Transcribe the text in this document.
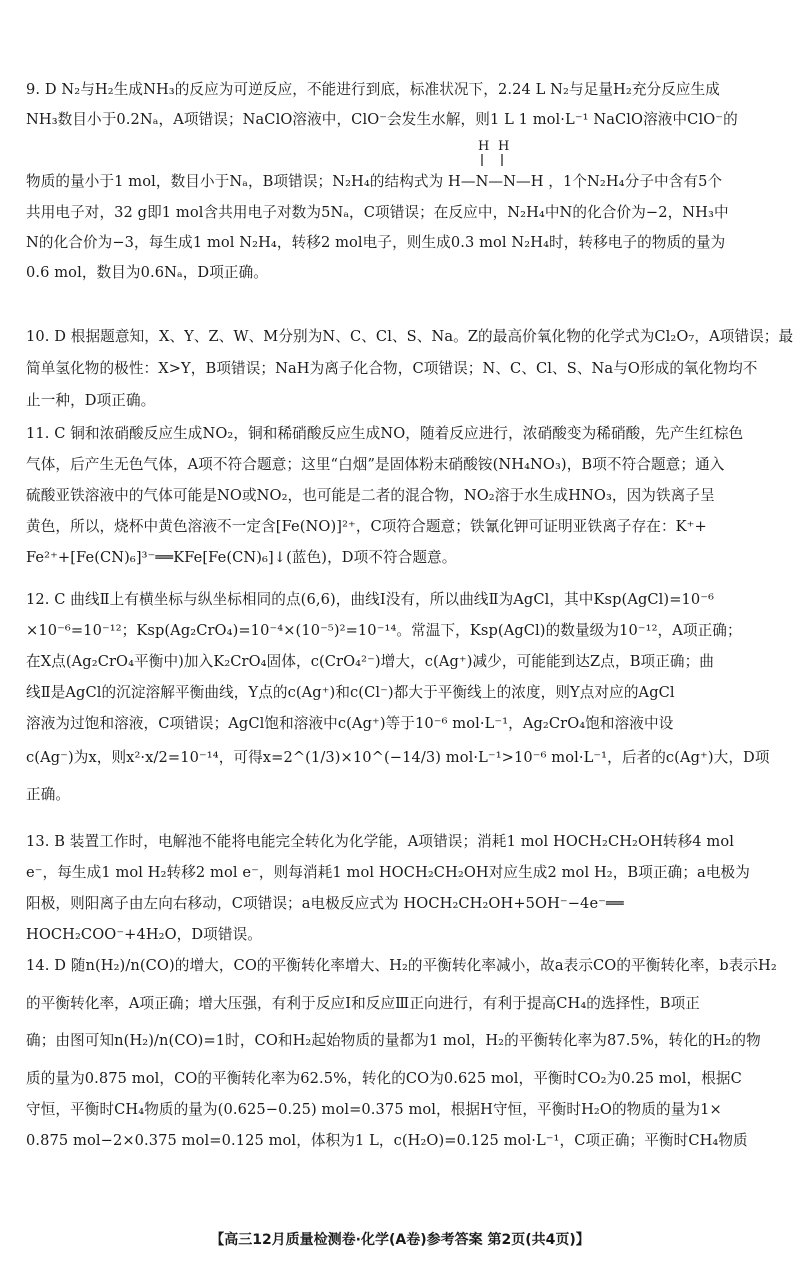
9. D N₂与H₂生成NH₃的反应为可逆反应，不能进行到底，标准状况下，2.24 L N₂与足量H₂充分反应生成
NH₃数目小于0.2Nₐ，A项错误；NaClO溶液中，ClO⁻会发生水解，则1 L 1 mol·L⁻¹ NaClO溶液中ClO⁻的
物质的量小于1 mol，数目小于Nₐ，B项错误；N₂H₄的结构式为 H—N—N—H ，1个N₂H₄分子中含有5个
共用电子对，32 g即1 mol含共用电子对数为5Nₐ，C项错误；在反应中，N₂H₄中N的化合价为−2，NH₃中
N的化合价为−3，每生成1 mol N₂H₄，转移2 mol电子，则生成0.3 mol N₂H₄时，转移电子的物质的量为
0.6 mol，数目为0.6Nₐ，D项正确。
H H
10. D 根据题意知，X、Y、Z、W、M分别为N、C、Cl、S、Na。Z的最高价氧化物的化学式为Cl₂O₇，A项错误；最
简单氢化物的极性：X>Y，B项错误；NaH为离子化合物，C项错误；N、C、Cl、S、Na与O形成的氧化物均不
止一种，D项正确。
11. C 铜和浓硝酸反应生成NO₂，铜和稀硝酸反应生成NO，随着反应进行，浓硝酸变为稀硝酸，先产生红棕色
气体，后产生无色气体，A项不符合题意；这里“白烟”是固体粉末硝酸铵(NH₄NO₃)，B项不符合题意；通入
硫酸亚铁溶液中的气体可能是NO或NO₂，也可能是二者的混合物，NO₂溶于水生成HNO₃，因为铁离子呈
黄色，所以，烧杯中黄色溶液不一定含[Fe(NO)]²⁺，C项符合题意；铁氰化钾可证明亚铁离子存在：K⁺+
Fe²⁺+[Fe(CN)₆]³⁻══KFe[Fe(CN)₆]↓(蓝色)，D项不符合题意。
12. C 曲线Ⅱ上有横坐标与纵坐标相同的点(6,6)，曲线Ⅰ没有，所以曲线Ⅱ为AgCl，其中Ksp(AgCl)=10⁻⁶
×10⁻⁶=10⁻¹²；Ksp(Ag₂CrO₄)=10⁻⁴×(10⁻⁵)²=10⁻¹⁴。常温下，Ksp(AgCl)的数量级为10⁻¹²，A项正确；
在X点(Ag₂CrO₄平衡中)加入K₂CrO₄固体，c(CrO₄²⁻)增大，c(Ag⁺)减少，可能能到达Z点，B项正确；曲
线Ⅱ是AgCl的沉淀溶解平衡曲线，Y点的c(Ag⁺)和c(Cl⁻)都大于平衡线上的浓度，则Y点对应的AgCl
溶液为过饱和溶液，C项错误；AgCl饱和溶液中c(Ag⁺)等于10⁻⁶ mol·L⁻¹，Ag₂CrO₄饱和溶液中设
c(Ag⁻)为x，则x²·x/2=10⁻¹⁴，可得x=2^(1/3)×10^(−14/3) mol·L⁻¹>10⁻⁶ mol·L⁻¹，后者的c(Ag⁺)大，D项
正确。
13. B 装置工作时，电解池不能将电能完全转化为化学能，A项错误；消耗1 mol HOCH₂CH₂OH转移4 mol
e⁻，每生成1 mol H₂转移2 mol e⁻，则每消耗1 mol HOCH₂CH₂OH对应生成2 mol H₂，B项正确；a电极为
阳极，则阳离子由左向右移动，C项错误；a电极反应式为 HOCH₂CH₂OH+5OH⁻−4e⁻══
HOCH₂COO⁻+4H₂O，D项错误。
14. D 随n(H₂)/n(CO)的增大，CO的平衡转化率增大、H₂的平衡转化率减小，故a表示CO的平衡转化率，b表示H₂
的平衡转化率，A项正确；增大压强，有利于反应Ⅰ和反应Ⅲ正向进行，有利于提高CH₄的选择性，B项正
确；由图可知n(H₂)/n(CO)=1时，CO和H₂起始物质的量都为1 mol，H₂的平衡转化率为87.5%，转化的H₂的物
质的量为0.875 mol，CO的平衡转化率为62.5%，转化的CO为0.625 mol，平衡时CO₂为0.25 mol，根据C
守恒，平衡时CH₄物质的量为(0.625−0.25) mol=0.375 mol，根据H守恒，平衡时H₂O的物质的量为1×
0.875 mol−2×0.375 mol=0.125 mol，体积为1 L，c(H₂O)=0.125 mol·L⁻¹，C项正确；平衡时CH₄物质
【高三12月质量检测卷·化学(A卷)参考答案 第2页(共4页)】
